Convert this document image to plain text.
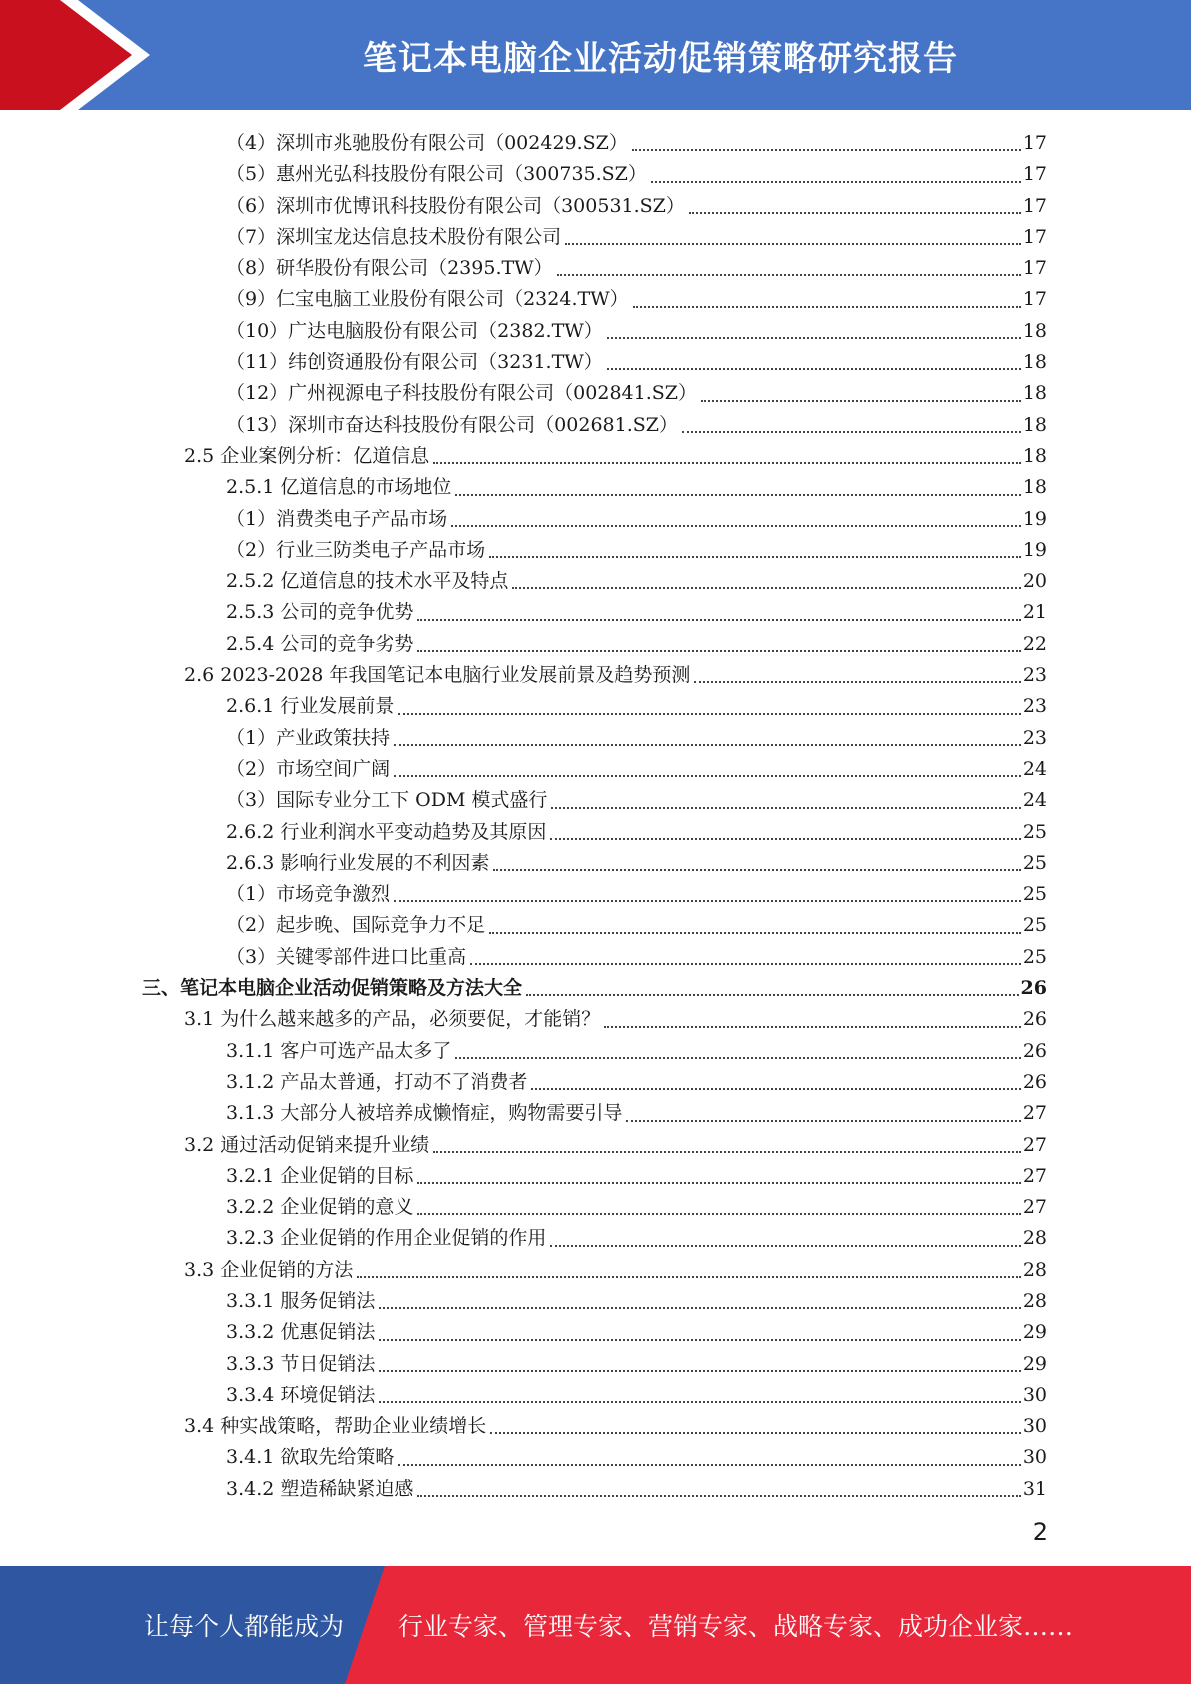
笔记本电脑企业活动促销策略研究报告
（4）深圳市兆驰股份有限公司（002429.SZ）	17
（5）惠州光弘科技股份有限公司（300735.SZ）	17
（6）深圳市优博讯科技股份有限公司（300531.SZ）	17
（7）深圳宝龙达信息技术股份有限公司	17
（8）研华股份有限公司（2395.TW）	17
（9）仁宝电脑工业股份有限公司（2324.TW）	17
（10）广达电脑股份有限公司（2382.TW）	18
（11）纬创资通股份有限公司（3231.TW）	18
（12）广州视源电子科技股份有限公司（002841.SZ）	18
（13）深圳市奋达科技股份有限公司（002681.SZ）	18
2.5 企业案例分析：亿道信息	18
2.5.1 亿道信息的市场地位	18
（1）消费类电子产品市场	19
（2）行业三防类电子产品市场	19
2.5.2 亿道信息的技术水平及特点	20
2.5.3 公司的竞争优势	21
2.5.4 公司的竞争劣势	22
2.6 2023-2028 年我国笔记本电脑行业发展前景及趋势预测	23
2.6.1 行业发展前景	23
（1）产业政策扶持	23
（2）市场空间广阔	24
（3）国际专业分工下 ODM 模式盛行	24
2.6.2 行业利润水平变动趋势及其原因	25
2.6.3 影响行业发展的不利因素	25
（1）市场竞争激烈	25
（2）起步晚、国际竞争力不足	25
（3）关键零部件进口比重高	25
三、笔记本电脑企业活动促销策略及方法大全	26
3.1 为什么越来越多的产品，必须要促，才能销？	26
3.1.1 客户可选产品太多了	26
3.1.2 产品太普通，打动不了消费者	26
3.1.3 大部分人被培养成懒惰症，购物需要引导	27
3.2 通过活动促销来提升业绩	27
3.2.1 企业促销的目标	27
3.2.2 企业促销的意义	27
3.2.3 企业促销的作用企业促销的作用	28
3.3 企业促销的方法	28
3.3.1 服务促销法	28
3.3.2 优惠促销法	29
3.3.3 节日促销法	29
3.3.4 环境促销法	30
3.4 种实战策略，帮助企业业绩增长	30
3.4.1 欲取先给策略	30
3.4.2 塑造稀缺紧迫感	31
2
让每个人都能成为 行业专家、管理专家、营销专家、战略专家、成功企业家……
